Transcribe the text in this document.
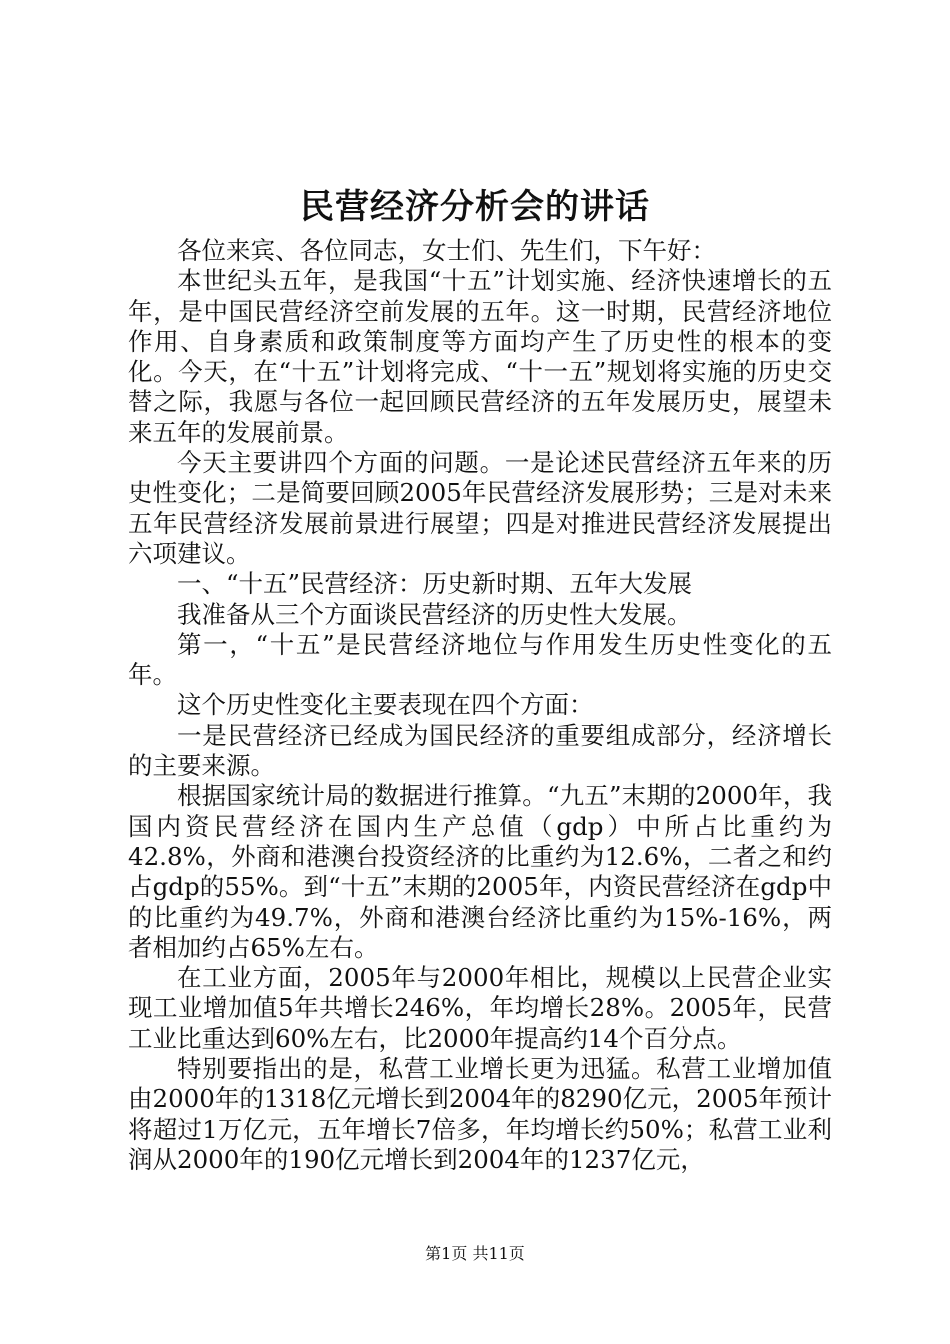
民营经济分析会的讲话

各位来宾、各位同志，女士们、先生们，下午好：

本世纪头五年，是我国“十五”计划实施、经济快速增长的五年，是中国民营经济空前发展的五年。这一时期，民营经济地位作用、自身素质和政策制度等方面均产生了历史性的根本的变化。今天，在“十五”计划将完成、“十一五”规划将实施的历史交替之际，我愿与各位一起回顾民营经济的五年发展历史，展望未来五年的发展前景。

今天主要讲四个方面的问题。一是论述民营经济五年来的历史性变化；二是简要回顾2005年民营经济发展形势；三是对未来五年民营经济发展前景进行展望；四是对推进民营经济发展提出六项建议。

一、“十五”民营经济：历史新时期、五年大发展

我准备从三个方面谈民营经济的历史性大发展。

第一，“十五”是民营经济地位与作用发生历史性变化的五年。

这个历史性变化主要表现在四个方面：

一是民营经济已经成为国民经济的重要组成部分，经济增长的主要来源。

根据国家统计局的数据进行推算。“九五”末期的2000年，我国内资民营经济在国内生产总值（gdp）中所占比重约为42.8%，外商和港澳台投资经济的比重约为12.6%，二者之和约占gdp的55%。到“十五”末期的2005年，内资民营经济在gdp中的比重约为49.7%，外商和港澳台经济比重约为15%-16%，两者相加约占65%左右。

在工业方面，2005年与2000年相比，规模以上民营企业实现工业增加值5年共增长246%，年均增长28%。2005年，民营工业比重达到60%左右，比2000年提高约14个百分点。

特别要指出的是，私营工业增长更为迅猛。私营工业增加值由2000年的1318亿元增长到2004年的8290亿元，2005年预计将超过1万亿元，五年增长7倍多，年均增长约50%；私营工业利润从2000年的190亿元增长到2004年的1237亿元，

第1页 共11页
